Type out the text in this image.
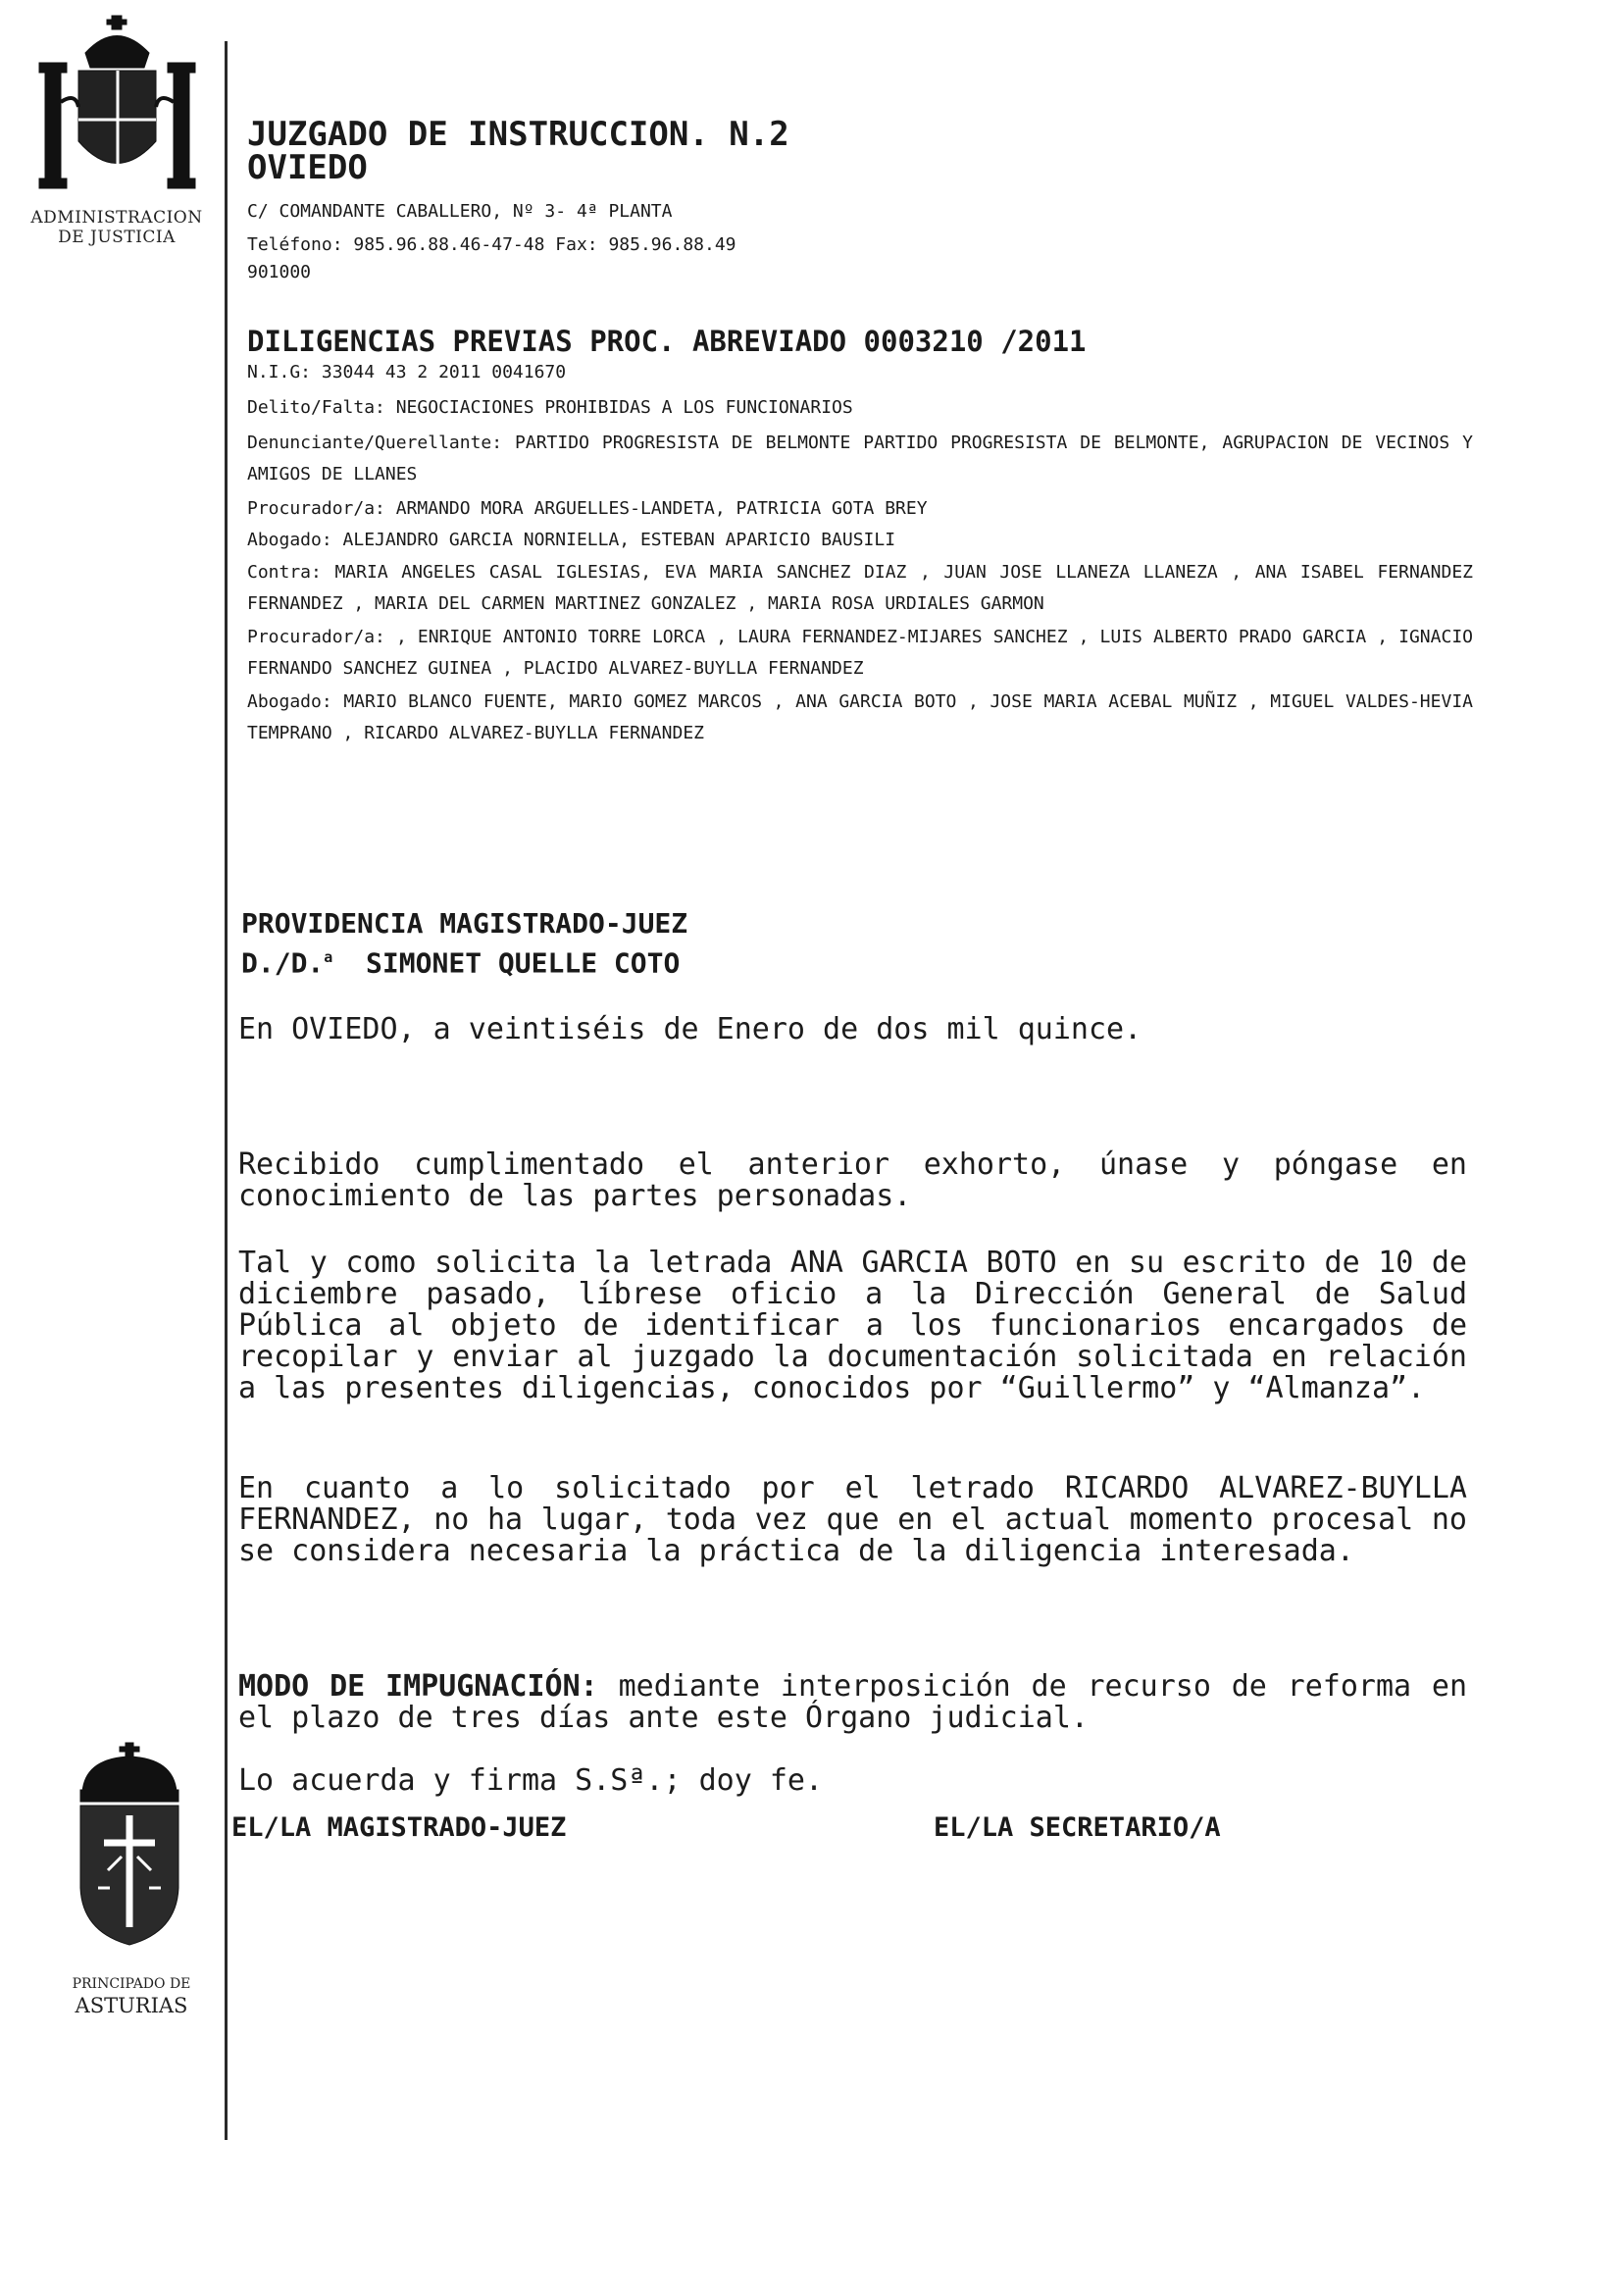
ADMINISTRACION
DE JUSTICIA
PRINCIPADO DE
ASTURIAS
JUZGADO DE INSTRUCCION. N.2
OVIEDO
C/ COMANDANTE CABALLERO, Nº 3- 4ª PLANTA
Teléfono: 985.96.88.46-47-48 Fax: 985.96.88.49
901000
DILIGENCIAS PREVIAS PROC. ABREVIADO 0003210 /2011
N.I.G: 33044 43 2 2011 0041670
Delito/Falta: NEGOCIACIONES PROHIBIDAS A LOS FUNCIONARIOS
Denunciante/Querellante: PARTIDO PROGRESISTA DE BELMONTE PARTIDO PROGRESISTA DE BELMONTE, AGRUPACION DE VECINOS Y AMIGOS DE LLANES
Procurador/a: ARMANDO MORA ARGUELLES-LANDETA, PATRICIA GOTA BREY
Abogado: ALEJANDRO GARCIA NORNIELLA, ESTEBAN APARICIO BAUSILI
Contra: MARIA ANGELES CASAL IGLESIAS, EVA MARIA SANCHEZ DIAZ , JUAN JOSE LLANEZA LLANEZA , ANA ISABEL FERNANDEZ FERNANDEZ , MARIA DEL CARMEN MARTINEZ GONZALEZ , MARIA ROSA URDIALES GARMON
Procurador/a: , ENRIQUE ANTONIO TORRE LORCA , LAURA FERNANDEZ-MIJARES SANCHEZ , LUIS ALBERTO PRADO GARCIA , IGNACIO FERNANDO SANCHEZ GUINEA , PLACIDO ALVAREZ-BUYLLA FERNANDEZ
Abogado: MARIO BLANCO FUENTE, MARIO GOMEZ MARCOS , ANA GARCIA BOTO , JOSE MARIA ACEBAL MUÑIZ , MIGUEL VALDES-HEVIA TEMPRANO , RICARDO ALVAREZ-BUYLLA FERNANDEZ
PROVIDENCIA MAGISTRADO-JUEZ
D./D.$^a$ SIMONET QUELLE COTO
En OVIEDO, a veintiséis de Enero de dos mil quince.
Recibido cumplimentado el anterior exhorto, únase y póngase en conocimiento de las partes personadas.
Tal y como solicita la letrada ANA GARCIA BOTO en su escrito de 10 de diciembre pasado, líbrese oficio a la Dirección General de Salud Pública al objeto de identificar a los funcionarios encargados de recopilar y enviar al juzgado la documentación solicitada en relación a las presentes diligencias, conocidos por “Guillermo” y “Almanza”.
En cuanto a lo solicitado por el letrado RICARDO ALVAREZ-BUYLLA FERNANDEZ, no ha lugar, toda vez que en el actual momento procesal no se considera necesaria la práctica de la diligencia interesada.
MODO DE IMPUGNACIÓN: mediante interposición de recurso de reforma en el plazo de tres días ante este Órgano judicial.
Lo acuerda y firma S.Sª.; doy fe.
EL/LA MAGISTRADO-JUEZ	EL/LA SECRETARIO/A
